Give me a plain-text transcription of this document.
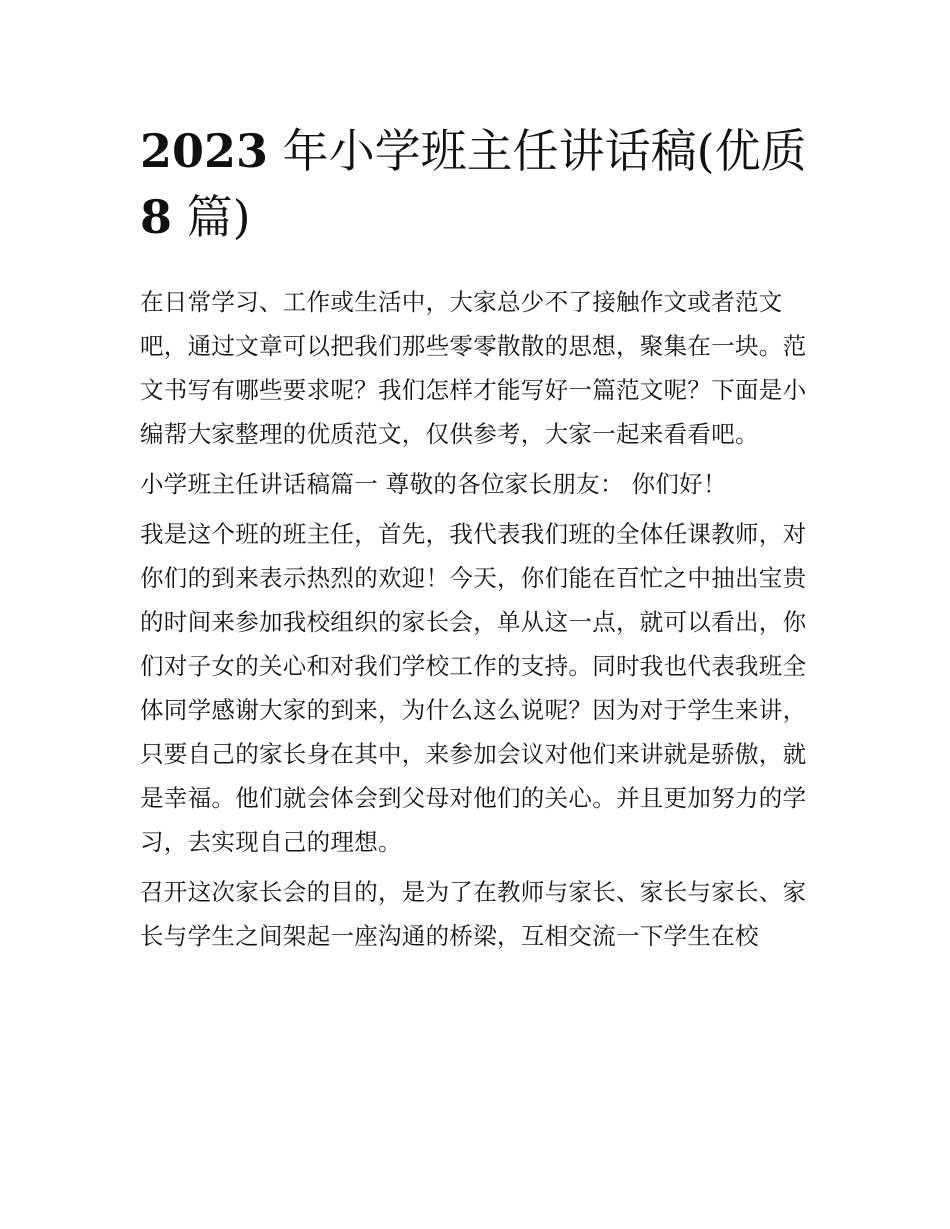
2023 年小学班主任讲话稿(优质 8 篇)

在日常学习、工作或生活中，大家总少不了接触作文或者范文吧，通过文章可以把我们那些零零散散的思想，聚集在一块。范文书写有哪些要求呢？我们怎样才能写好一篇范文呢？下面是小编帮大家整理的优质范文，仅供参考，大家一起来看看吧。

小学班主任讲话稿篇一 尊敬的各位家长朋友： 你们好！

我是这个班的班主任，首先，我代表我们班的全体任课教师，对你们的到来表示热烈的欢迎！今天，你们能在百忙之中抽出宝贵的时间来参加我校组织的家长会，单从这一点，就可以看出，你们对子女的关心和对我们学校工作的支持。同时我也代表我班全体同学感谢大家的到来，为什么这么说呢？因为对于学生来讲，只要自己的家长身在其中，来参加会议对他们来讲就是骄傲，就是幸福。他们就会体会到父母对他们的关心。并且更加努力的学习，去实现自己的理想。

召开这次家长会的目的，是为了在教师与家长、家长与家长、家长与学生之间架起一座沟通的桥梁，互相交流一下学生在校
